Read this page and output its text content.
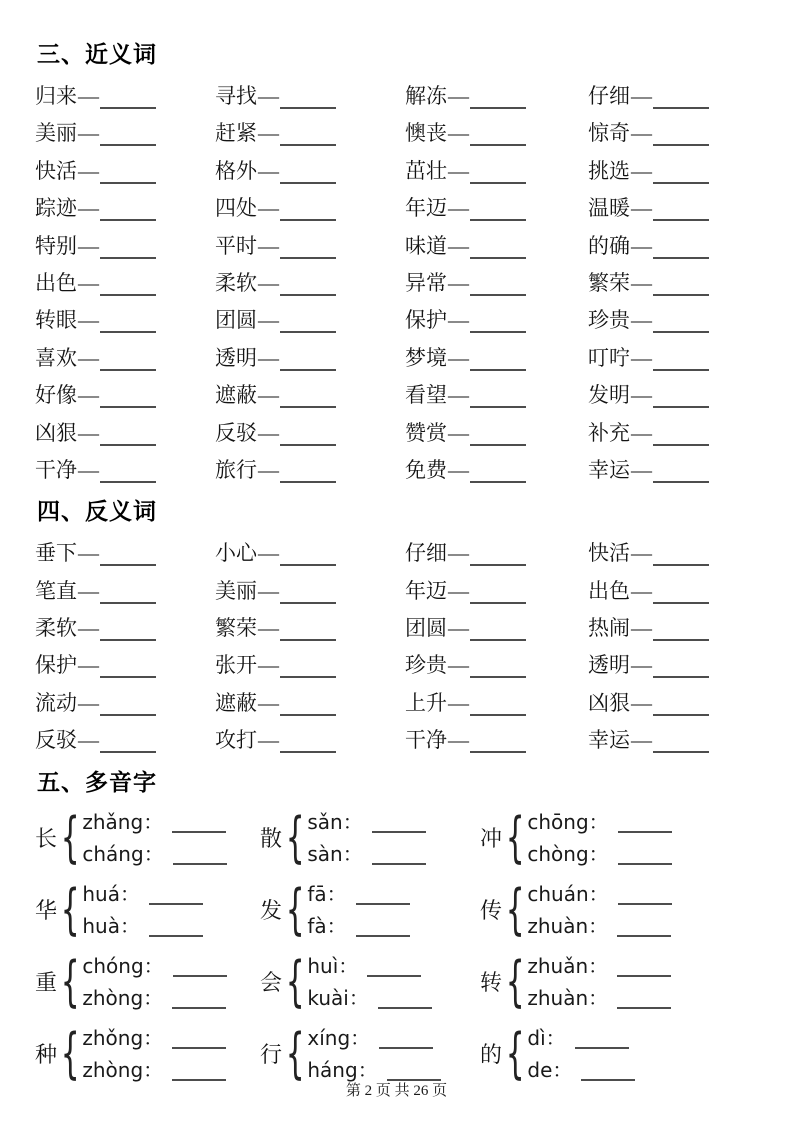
三、近义词
归来—
美丽—
快活—
踪迹—
特别—
出色—
转眼—
喜欢—
好像—
凶狠—
干净—
寻找—
赶紧—
格外—
四处—
平时—
柔软—
团圆—
透明—
遮蔽—
反驳—
旅行—
解冻—
懊丧—
茁壮—
年迈—
味道—
异常—
保护—
梦境—
看望—
赞赏—
免费—
仔细—
惊奇—
挑选—
温暖—
的确—
繁荣—
珍贵—
叮咛—
发明—
补充—
幸运—
四、反义词
垂下—
笔直—
柔软—
保护—
流动—
反驳—
小心—
美丽—
繁荣—
张开—
遮蔽—
攻打—
仔细—
年迈—
团圆—
珍贵—
上升—
干净—
快活—
出色—
热闹—
透明—
凶狠—
幸运—
五、多音字
长 { zhǎng：
cháng：
散 { sǎn：
sàn：
冲 { chōng：
chòng：
华 { huá：
huà：
发 { fā：
fà：
传 { chuán：
zhuàn：
重 { chóng：
zhòng：
会 { huì：
kuài：
转 { zhuǎn：
zhuàn：
种 { zhǒng：
zhòng：
行 { xíng：
háng：
的 { dì：
de：
第 2 页 共 26 页
